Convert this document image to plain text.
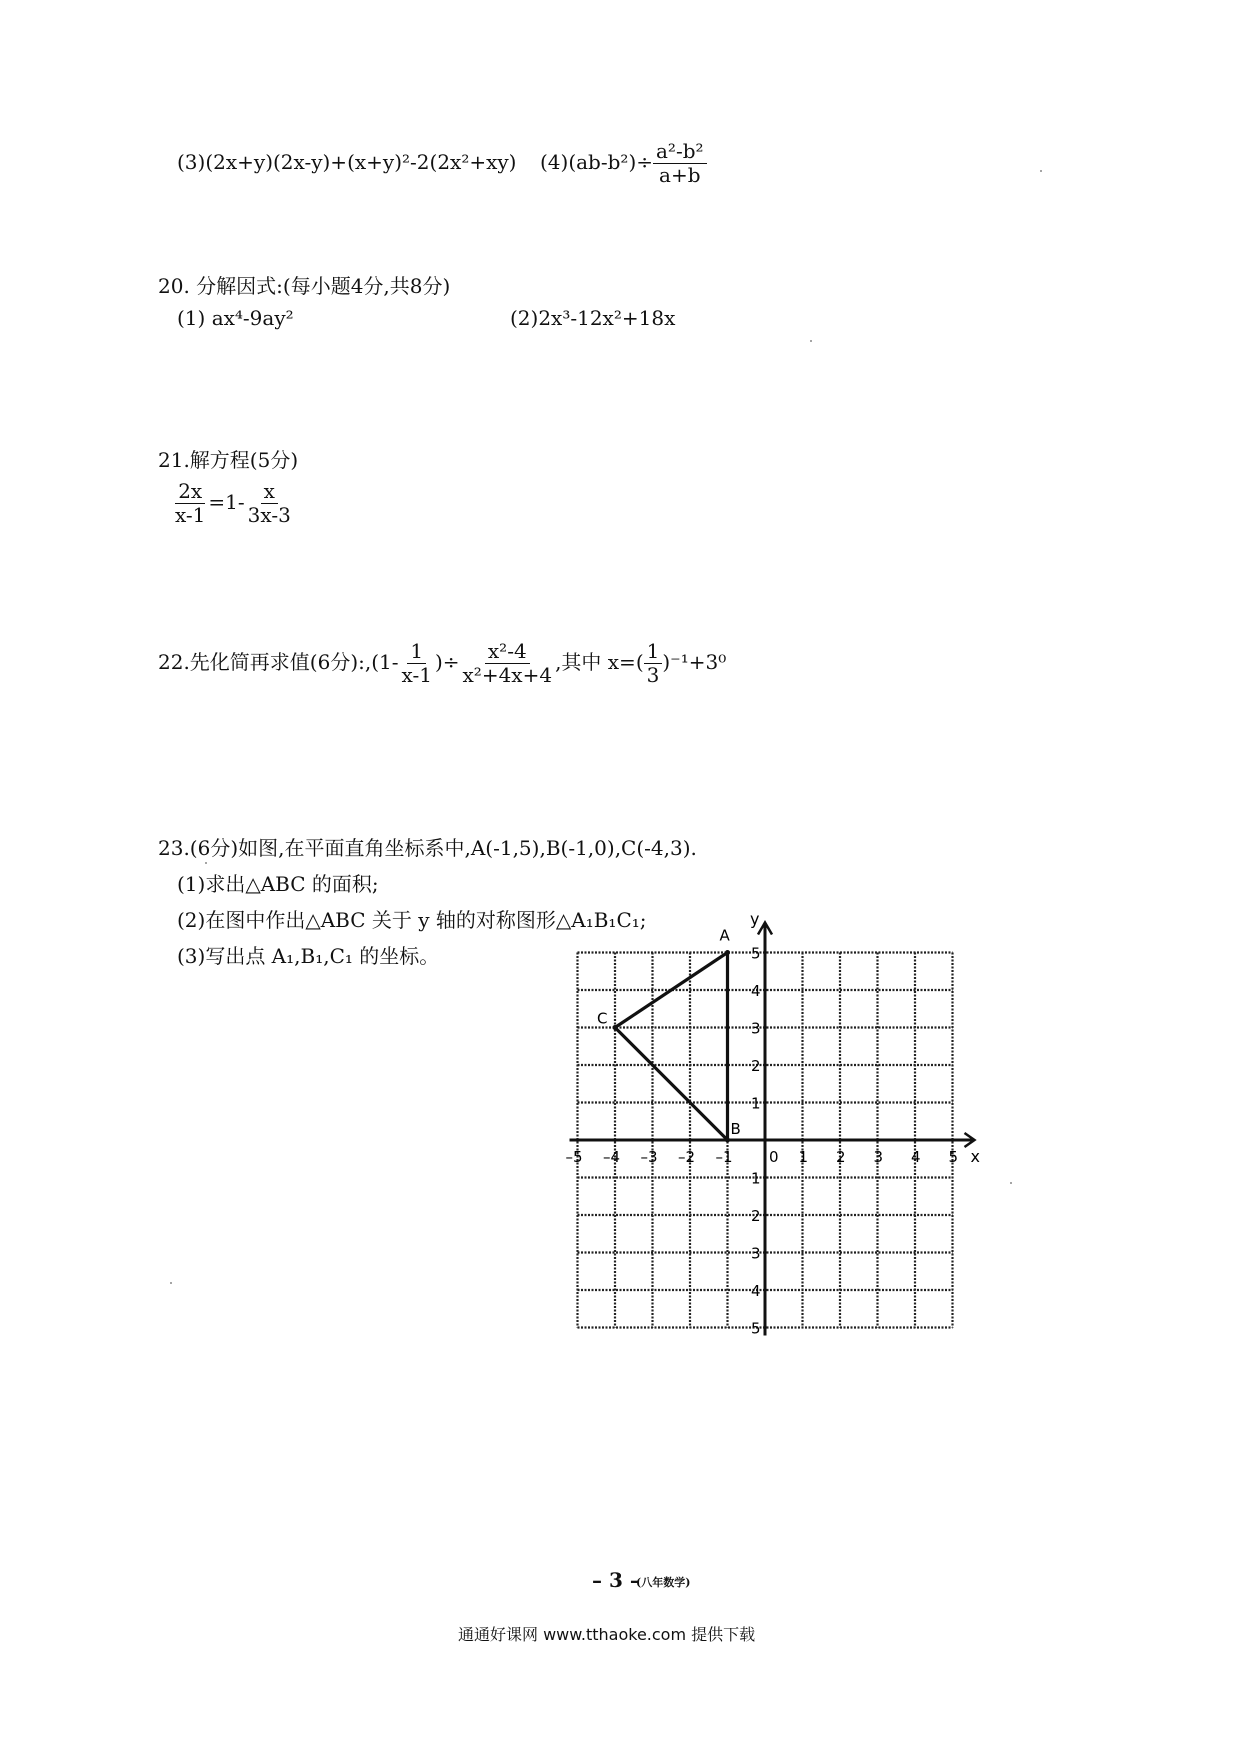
(3)(2x+y)(2x-y)+(x+y)²-2(2x²+xy) $(4)(ab-b^2)\div \frac{\text{a²-b²}}{a+b}$
20. 分解因式:(每小题4分,共8分)
(1) ax⁴-9ay²	(2)2x³-12x²+18x
21.解方程(5分)
$\frac{2x}{x-1} =1- \frac{x}{3x-3}$
22.先化简再求值(6分):,(1- $\frac{1}{x-1}$ )÷ $\frac{\text{x²-4}}{\text{x²+4x+4}}$ ,其中 $x=( \frac{1}{3} )^{-1}+3^0$
23.(6分)如图,在平面直角坐标系中,A(-1,5),B(-1,0),C(-4,3).
(1)求出△ABC 的面积;
(2)在图中作出△ABC 关于 y 轴的对称图形△A₁B₁C₁;
(3)写出点 A₁,B₁,C₁ 的坐标。
x
y
0
–5 –4 –3 –2 –1	1 2 3 4 5
5
4
3
2
1
1
2
3
4
5
A
B
C
– 3 –
(八年数学)
通通好课网 www.tthaoke.com 提供下载
